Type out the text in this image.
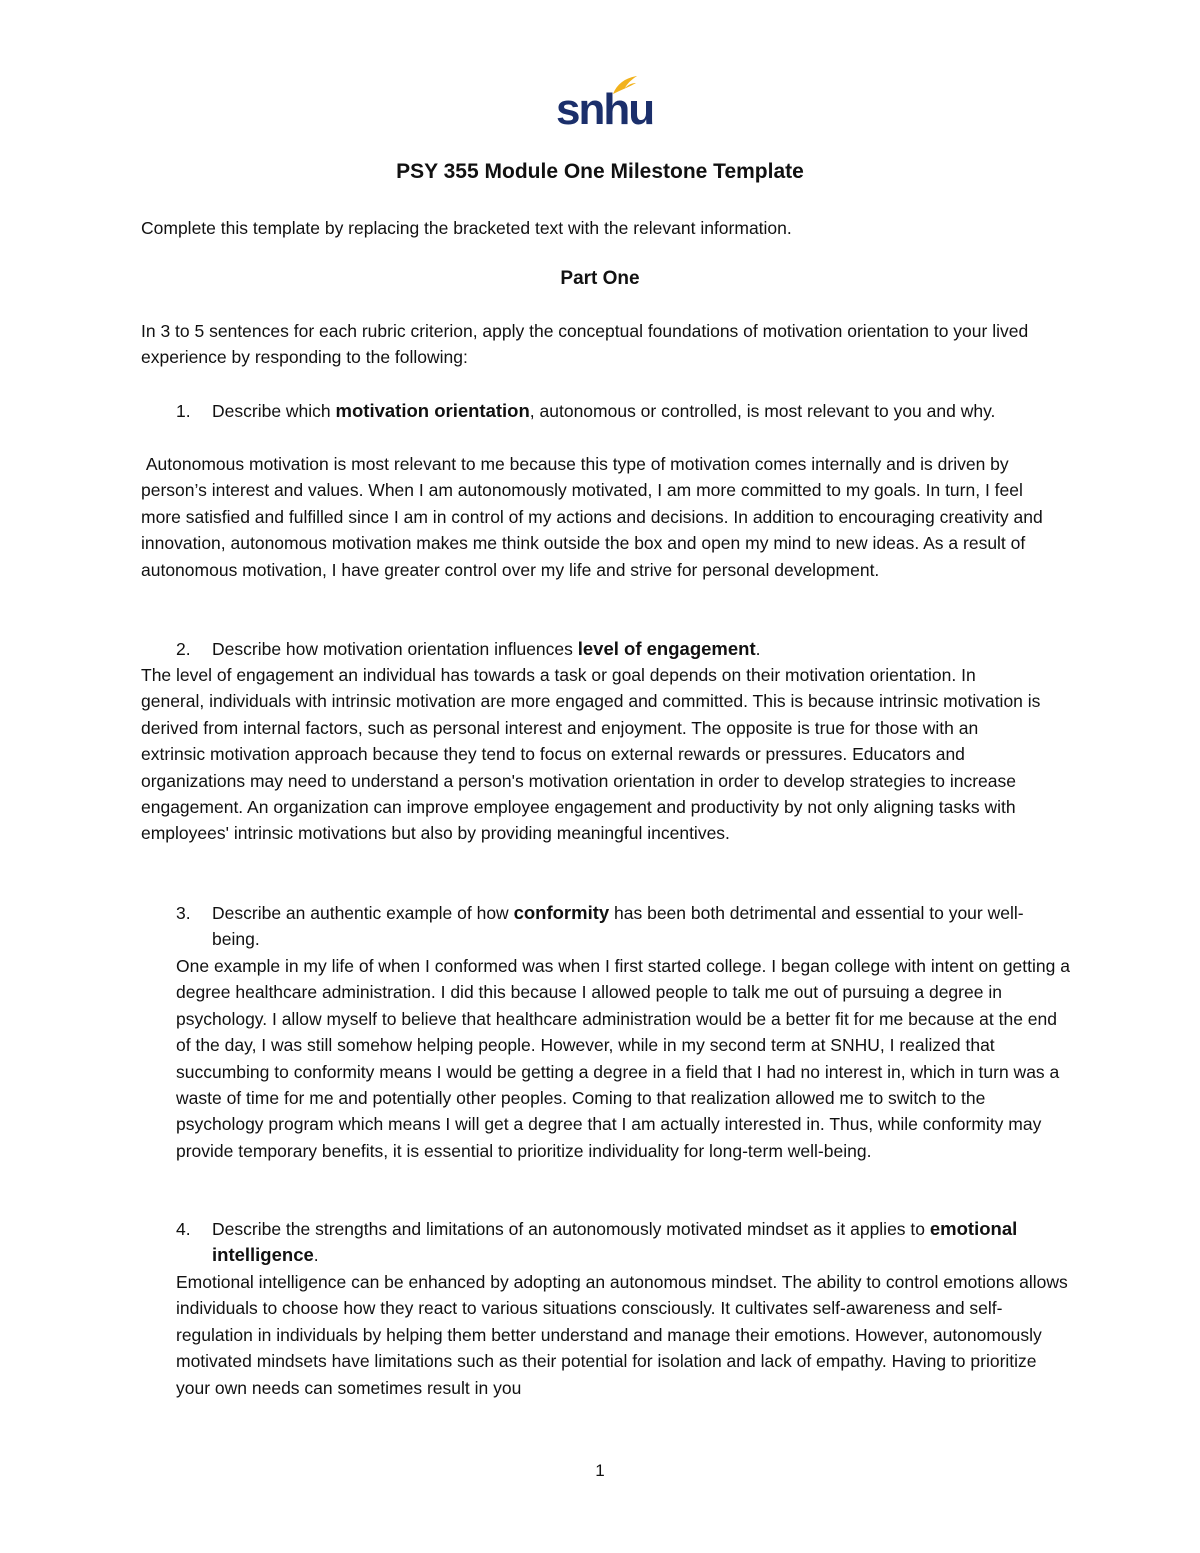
snhu
PSY 355 Module One Milestone Template

Complete this template by replacing the bracketed text with the relevant information.

Part One

In 3 to 5 sentences for each rubric criterion, apply the conceptual foundations of motivation orientation to your lived experience by responding to the following:

1. Describe which motivation orientation, autonomous or controlled, is most relevant to you and why.

Autonomous motivation is most relevant to me because this type of motivation comes internally and is driven by person’s interest and values. When I am autonomously motivated, I am more committed to my goals. In turn, I feel more satisfied and fulfilled since I am in control of my actions and decisions. In addition to encouraging creativity and innovation, autonomous motivation makes me think outside the box and open my mind to new ideas. As a result of autonomous motivation, I have greater control over my life and strive for personal development.

2. Describe how motivation orientation influences level of engagement.

The level of engagement an individual has towards a task or goal depends on their motivation orientation. In general, individuals with intrinsic motivation are more engaged and committed. This is because intrinsic motivation is derived from internal factors, such as personal interest and enjoyment. The opposite is true for those with an extrinsic motivation approach because they tend to focus on external rewards or pressures. Educators and organizations may need to understand a person's motivation orientation in order to develop strategies to increase engagement. An organization can improve employee engagement and productivity by not only aligning tasks with employees' intrinsic motivations but also by providing meaningful incentives.

3. Describe an authentic example of how conformity has been both detrimental and essential to your well-being.

One example in my life of when I conformed was when I first started college. I began college with intent on getting a degree healthcare administration. I did this because I allowed people to talk me out of pursuing a degree in psychology. I allow myself to believe that healthcare administration would be a better fit for me because at the end of the day, I was still somehow helping people. However, while in my second term at SNHU, I realized that succumbing to conformity means I would be getting a degree in a field that I had no interest in, which in turn was a waste of time for me and potentially other peoples. Coming to that realization allowed me to switch to the psychology program which means I will get a degree that I am actually interested in. Thus, while conformity may provide temporary benefits, it is essential to prioritize individuality for long-term well-being.

4. Describe the strengths and limitations of an autonomously motivated mindset as it applies to emotional intelligence.

Emotional intelligence can be enhanced by adopting an autonomous mindset. The ability to control emotions allows individuals to choose how they react to various situations consciously. It cultivates self-awareness and self-regulation in individuals by helping them better understand and manage their emotions. However, autonomously motivated mindsets have limitations such as their potential for isolation and lack of empathy. Having to prioritize your own needs can sometimes result in you

1
